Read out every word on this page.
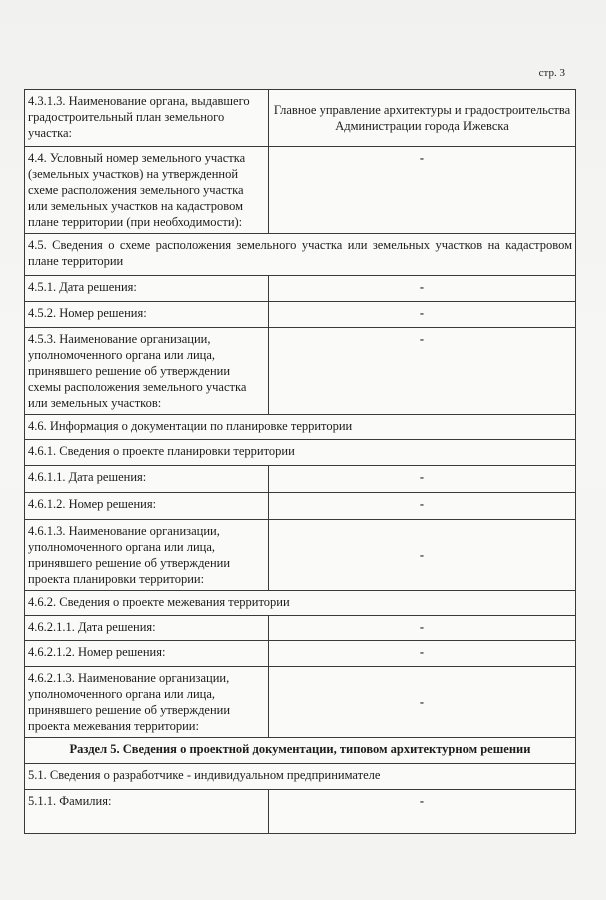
стр. 3
4.3.1.3. Наименование органа, выдавшего градостроительный план земельного участка:	Главное управление архитектуры и градостроительства Администрации города Ижевска
4.4. Условный номер земельного участка (земельных участков) на утвержденной схеме расположения земельного участка или земельных участков на кадастровом плане территории (при необходимости):	-
4.5. Сведения о схеме расположения земельного участка или земельных участков на кадастровом плане территории	
4.5.1. Дата решения:	-
4.5.2. Номер решения:	-
4.5.3. Наименование организации, уполномоченного органа или лица, принявшего решение об утверждении схемы расположения земельного участка или земельных участков:	-
4.6. Информация о документации по планировке территории	
4.6.1. Сведения о проекте планировки территории	
4.6.1.1. Дата решения:	-
4.6.1.2. Номер решения:	-
4.6.1.3. Наименование организации, уполномоченного органа или лица, принявшего решение об утверждении проекта планировки территории:	-
4.6.2. Сведения о проекте межевания территории	
4.6.2.1.1. Дата решения:	-
4.6.2.1.2. Номер решения:	-
4.6.2.1.3. Наименование организации, уполномоченного органа или лица, принявшего решение об утверждении проекта межевания территории:	-
Раздел 5. Сведения о проектной документации, типовом архитектурном решении	
5.1. Сведения о разработчике - индивидуальном предпринимателе	
5.1.1. Фамилия:	-
